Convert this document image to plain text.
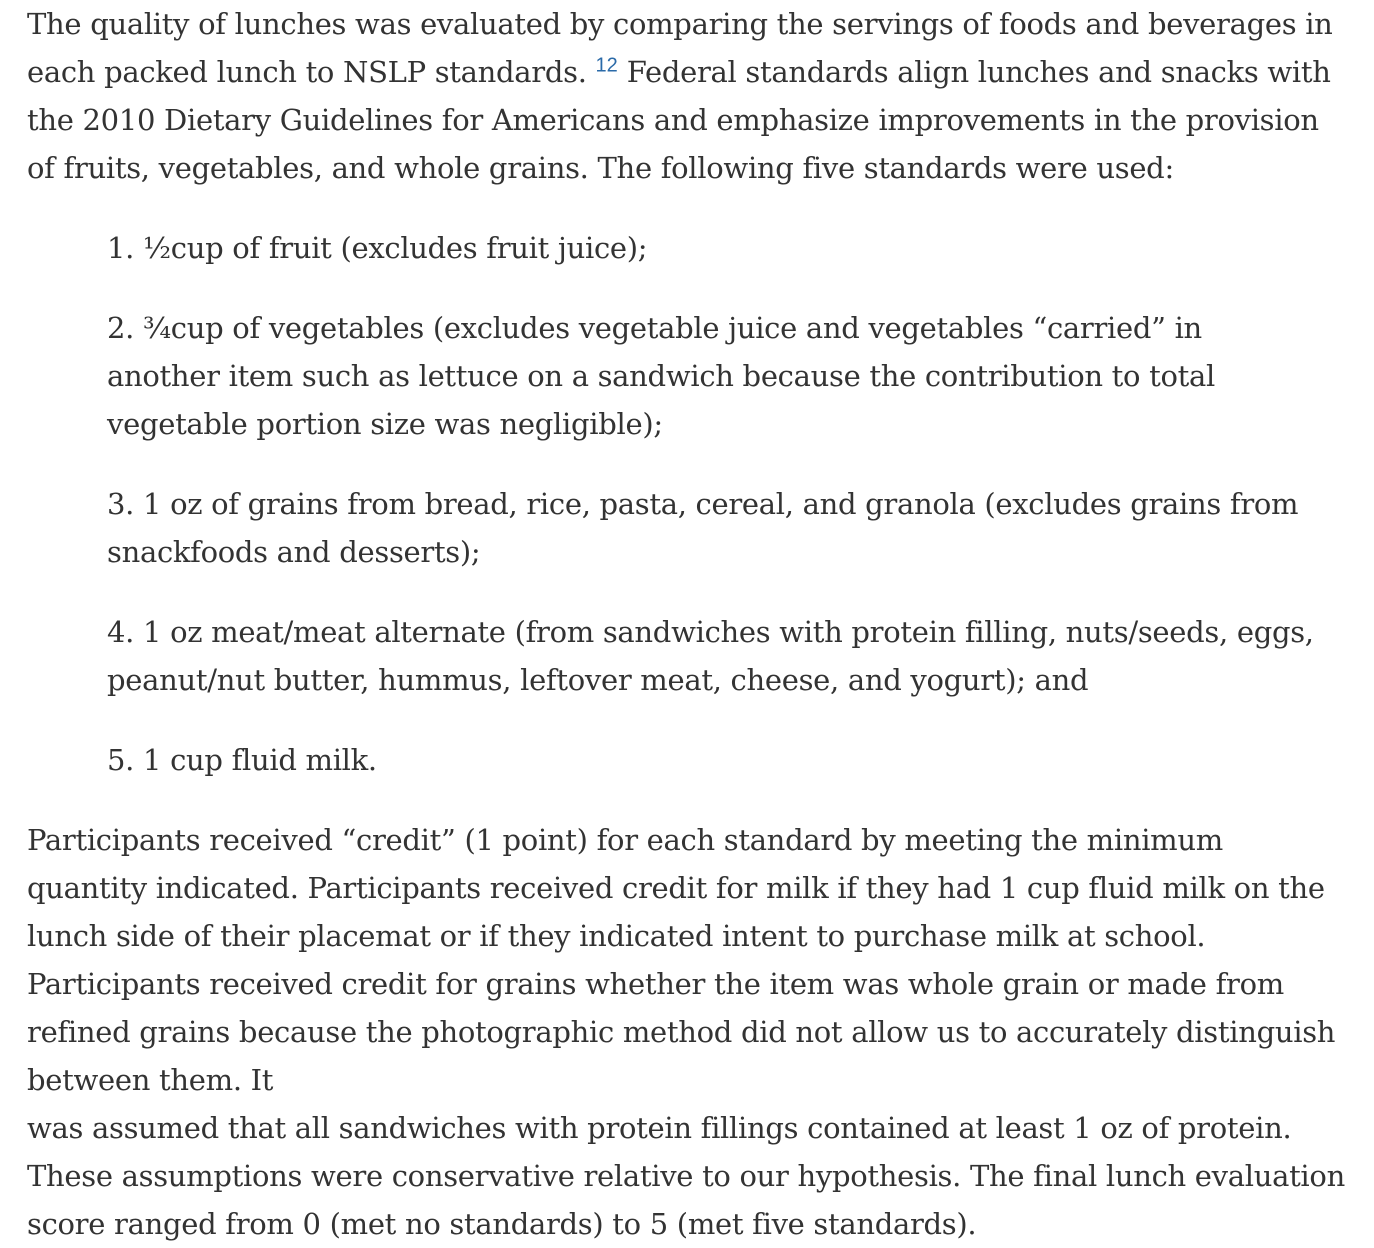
The quality of lunches was evaluated by comparing the servings of foods and beverages in each packed lunch to NSLP standards. $^{12}$ Federal standards align lunches and snacks with the 2010 Dietary Guidelines for Americans and emphasize improvements in the provision of fruits, vegetables, and whole grains. The following five standards were used:

1. ½cup of fruit (excludes fruit juice);
2. ¾cup of vegetables (excludes vegetable juice and vegetables “carried” in another item such as lettuce on a sandwich because the contribution to total vegetable portion size was negligible);
3. 1 oz of grains from bread, rice, pasta, cereal, and granola (excludes grains from snackfoods and desserts);
4. 1 oz meat/meat alternate (from sandwiches with protein filling, nuts/seeds, eggs, peanut/nut butter, hummus, leftover meat, cheese, and yogurt); and
5. 1 cup fluid milk.

Participants received “credit” (1 point) for each standard by meeting the minimum quantity indicated. Participants received credit for milk if they had 1 cup fluid milk on the lunch side of their placemat or if they indicated intent to purchase milk at school. Participants received credit for grains whether the item was whole grain or made from refined grains because the photographic method did not allow us to accurately distinguish between them. It
was assumed that all sandwiches with protein fillings contained at least 1 oz of protein. These assumptions were conservative relative to our hypothesis. The final lunch evaluation score ranged from 0 (met no standards) to 5 (met five standards).
